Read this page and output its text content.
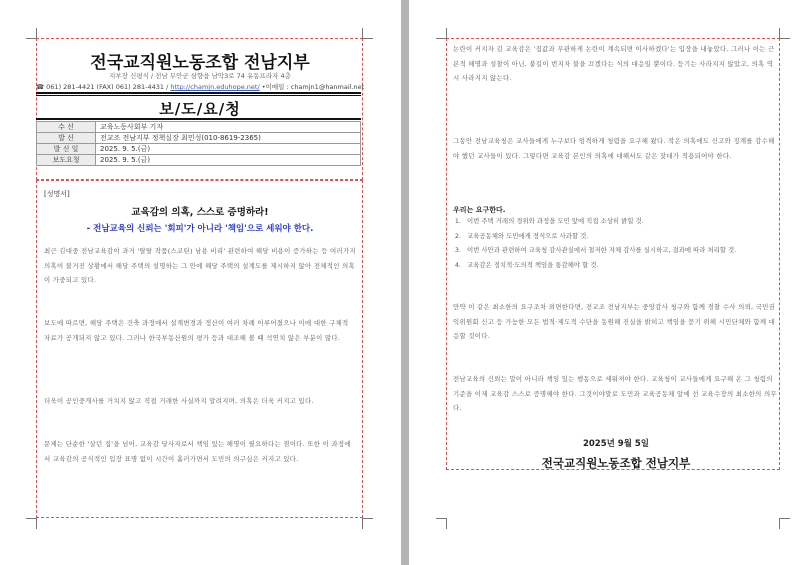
전국교직원노동조합 전남지부
지부장 신평식 / 전남 무안군 삼향읍 남악3로 74 유동프라자 4층
☎ 061) 281-4421 (FAX) 061) 281-4431 / http://chamjn.eduhope.net/ •이메일 : chamjn1@hanmail.net
보/도/요/청
수 신	교육노동사회부 기자
발 신	전교조 전남지부 정책실장 최민성(010-8619-2365)
발 신 일	2025. 9. 5.(금)
보도요청	2025. 9. 5.(금)
[성명서]
교육감의 의혹, 스스로 증명하라!
- 전남교육의 신뢰는 '회피'가 아니라 '책임'으로 세워야 한다.
최근 김대중 전남교육감이 과거 '탈탈 작품(스코틴) 남용 비리' 관련하여 해당 비용이 증가하는 등 여러가지 의혹이 불거진 상황에서 해당 주택의 설명하는 그 안에 해당 주택의 설계도를 제시하지 않아 전체적인 의혹이 가중되고 있다.
보도에 따르면, 해당 주택은 건축 과정에서 설계변경과 정산이 여러 차례 이루어졌으나 이에 대한 구체적 자료가 공개되지 않고 있다. 그러나 한국부동산원의 평가 등과 대조해 볼 때 석연치 않은 부분이 많다.
더욱이 공인중개사를 거치지 않고 직접 거래한 사실까지 알려지며, 의혹은 더욱 커지고 있다.
문제는 단순한 '살던 집'을 넘어, 교육감 당사자로서 책임 있는 해명이 필요하다는 점이다. 또한 이 과정에서 교육감의 공식적인 입장 표명 없이 시간이 흘러가면서 도민의 의구심은 커지고 있다.
논란이 커지자 김 교육감은 '집값과 무관하게 논란이 계속되면 이사하겠다'는 입장을 내놓았다. 그러나 이는 근본적 해명과 성찰이 아닌, 불길이 번지자 불을 끄겠다는 식의 대응일 뿐이다. 등기는 사라지지 않았고, 의혹 역시 사라지지 않는다.
그동안 전남교육청은 교사들에게 누구보다 엄격하게 청렴을 요구해 왔다. 작은 의혹에도 신고와 징계를 감수해야 했던 교사들이 있다. 그렇다면 교육감 본인의 의혹에 대해서도 같은 잣대가 적용되어야 한다.
우리는 요구한다.
1. 이번 주택 거래의 경위와 과정을 도민 앞에 직접 소상히 밝힐 것.
2. 교육공동체와 도민에게 정식으로 사과할 것.
3. 이번 사안과 관련하여 교육청 감사관실에서 철저한 자체 감사를 실시하고, 결과에 따라 처리할 것.
4. 교육감은 정치적·도의적 책임을 통감해야 할 것.
만약 이 같은 최소한의 요구조차 외면한다면, 전교조 전남지부는 중앙감사 청구와 함께 경찰 수사 의뢰, 국민권익위원회 신고 등 가능한 모든 법적·제도적 수단을 동원해 진실을 밝히고 책임을 묻기 위해 시민단체와 함께 대응할 것이다.
전남교육의 신뢰는 말이 아니라 책임 있는 행동으로 세워져야 한다. 교육청이 교사들에게 요구해 온 그 청렴의 기준을 이제 교육감 스스로 증명해야 한다. 그것이야말로 도민과 교육공동체 앞에 선 교육수장의 최소한의 의무다.
2025년 9월 5일
전국교직원노동조합 전남지부
